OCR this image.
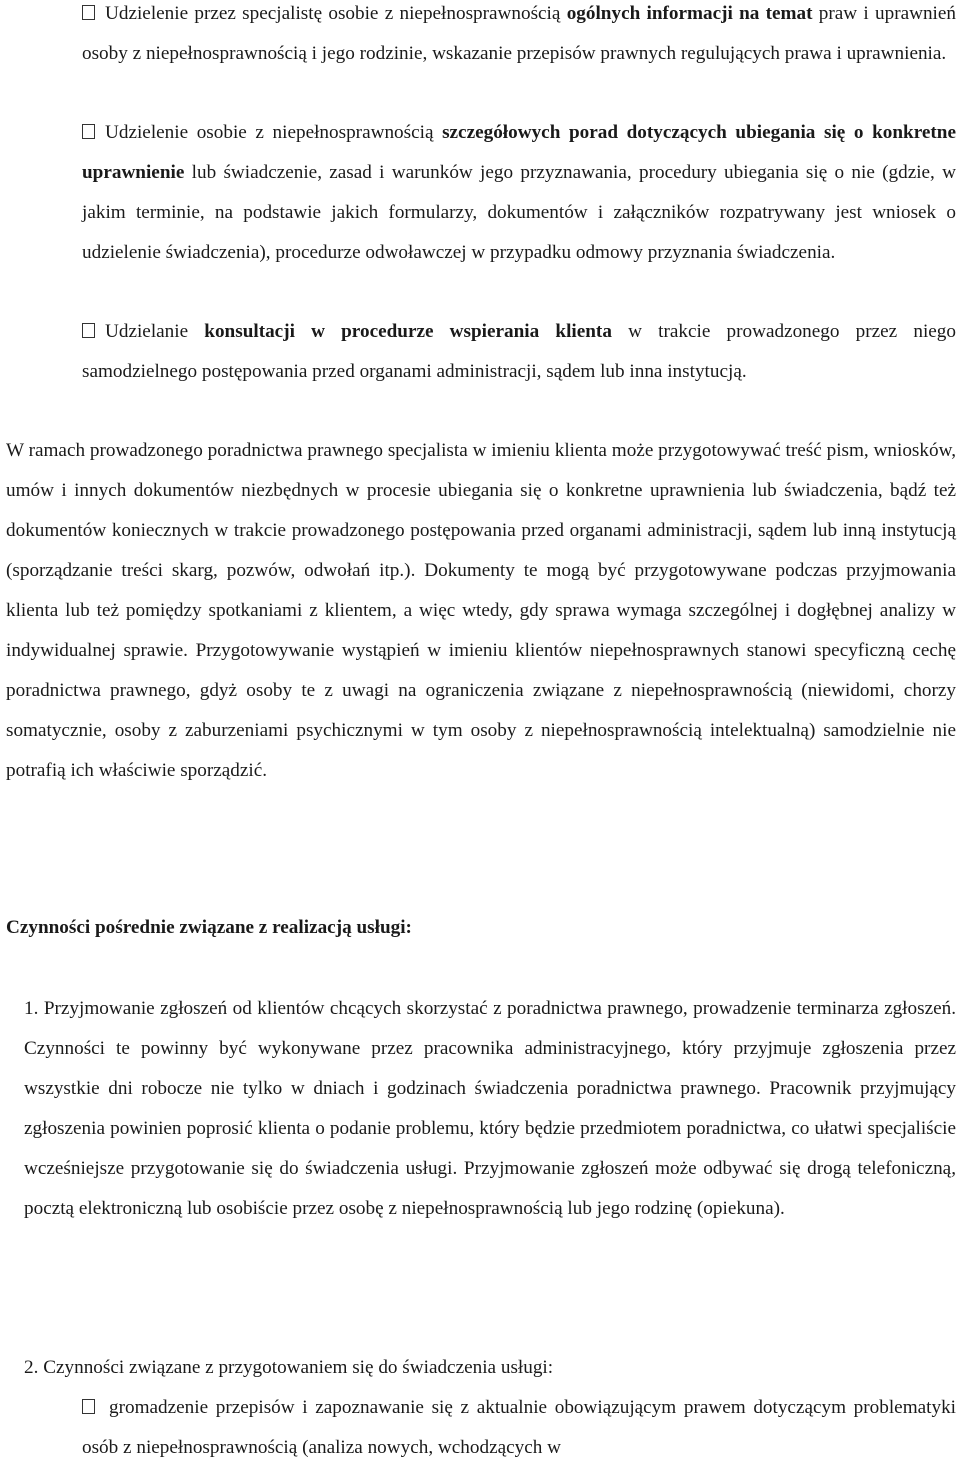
Udzielenie przez specjalistę osobie z niepełnosprawnością ogólnych informacji na temat praw i uprawnień osoby z niepełnosprawnością i jego rodzinie, wskazanie przepisów prawnych regulujących prawa i uprawnienia.
Udzielenie osobie z niepełnosprawnością szczegółowych porad dotyczących ubiegania się o konkretne uprawnienie lub świadczenie, zasad i warunków jego przyznawania, procedury ubiegania się o nie (gdzie, w jakim terminie, na podstawie jakich formularzy, dokumentów i załączników rozpatrywany jest wniosek o udzielenie świadczenia), procedurze odwoławczej w przypadku odmowy przyznania świadczenia.
Udzielanie konsultacji w procedurze wspierania klienta w trakcie prowadzonego przez niego samodzielnego postępowania przed organami administracji, sądem lub inna instytucją.
W ramach prowadzonego poradnictwa prawnego specjalista w imieniu klienta może przygotowywać treść pism, wniosków, umów i innych dokumentów niezbędnych w procesie ubiegania się o konkretne uprawnienia lub świadczenia, bądź też dokumentów koniecznych w trakcie prowadzonego postępowania przed organami administracji, sądem lub inną instytucją (sporządzanie treści skarg, pozwów, odwołań itp.). Dokumenty te mogą być przygotowywane podczas przyjmowania klienta lub też pomiędzy spotkaniami z klientem, a więc wtedy, gdy sprawa wymaga szczególnej i dogłębnej analizy w indywidualnej sprawie. Przygotowywanie wystąpień w imieniu klientów niepełnosprawnych stanowi specyficzną cechę poradnictwa prawnego, gdyż osoby te z uwagi na ograniczenia związane z niepełnosprawnością (niewidomi, chorzy somatycznie, osoby z zaburzeniami psychicznymi w tym osoby z niepełnosprawnością intelektualną) samodzielnie nie potrafią ich właściwie sporządzić.
Czynności pośrednie związane z realizacją usługi:
1. Przyjmowanie zgłoszeń od klientów chcących skorzystać z poradnictwa prawnego, prowadzenie terminarza zgłoszeń. Czynności te powinny być wykonywane przez pracownika administracyjnego, który przyjmuje zgłoszenia przez wszystkie dni robocze nie tylko w dniach i godzinach świadczenia poradnictwa prawnego. Pracownik przyjmujący zgłoszenia powinien poprosić klienta o podanie problemu, który będzie przedmiotem poradnictwa, co ułatwi specjaliście wcześniejsze przygotowanie się do świadczenia usługi. Przyjmowanie zgłoszeń może odbywać się drogą telefoniczną, pocztą elektroniczną lub osobiście przez osobę z niepełnosprawnością lub jego rodzinę (opiekuna).
2. Czynności związane z przygotowaniem się do świadczenia usługi:
gromadzenie przepisów i zapoznawanie się z aktualnie obowiązującym prawem dotyczącym problematyki osób z niepełnosprawnością (analiza nowych, wchodzących w
